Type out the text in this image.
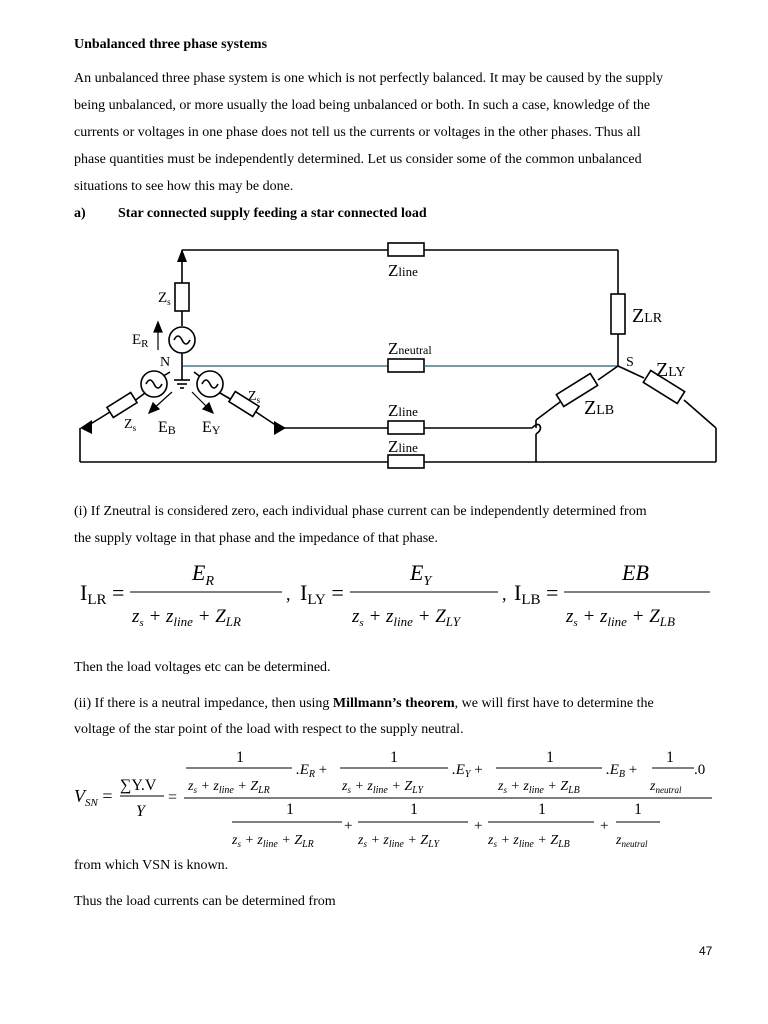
Unbalanced three phase systems
An unbalanced three phase system is one which is not perfectly balanced. It may be caused by the supply
being unbalanced, or more usually the load being unbalanced or both. In such a case, knowledge of the
currents or voltages in one phase does not tell us the currents or voltages in the other phases. Thus all
phase quantities must be independently determined. Let us consider some of the common unbalanced
situations to see how this may be done.
a) Star connected supply feeding a star connected load
Zline
$Z_s$
ZLR
$E_R$
N
Zneutral
S ZLY
$Z_s$
Zline	ZLB
$Z_s$ EB EY
Zline
(i) If Zneutral is considered zero, each individual phase current can be independently determined from
the supply voltage in that phase and the impedance of that phase.
ILR =
$E_R$
$z_s + z_{line} + Z_{LR}$
, ILY =
$E_Y$
$z_s + z_{line} + Z_{LY}$
, ILB =
EB
$z_s + z_{line} + Z_{LB}$
Then the load voltages etc can be determined.
(ii) If there is a neutral impedance, then using Millmann’s theorem, we will first have to determine the
voltage of the star point of the load with respect to the supply neutral.
$V_{SN}$ =
∑Y.V
Y
=
1
$z_s + z_{line} + Z_{LR}$
$.E_R$ +
1
$z_s + z_{line} + Z_{LY}$
$.E_Y$ +
1
$z_s + z_{line} + Z_{LB}$
$.E_B$ +
1
$z_{neutral}$
.0
1
$z_s + z_{line} + Z_{LR}$
+
1
$z_s + z_{line} + Z_{LY}$
+
1
$z_s + z_{line} + Z_{LB}$
+
1
$z_{neutral}$
from which VSN is known.
Thus the load currents can be determined from
47
